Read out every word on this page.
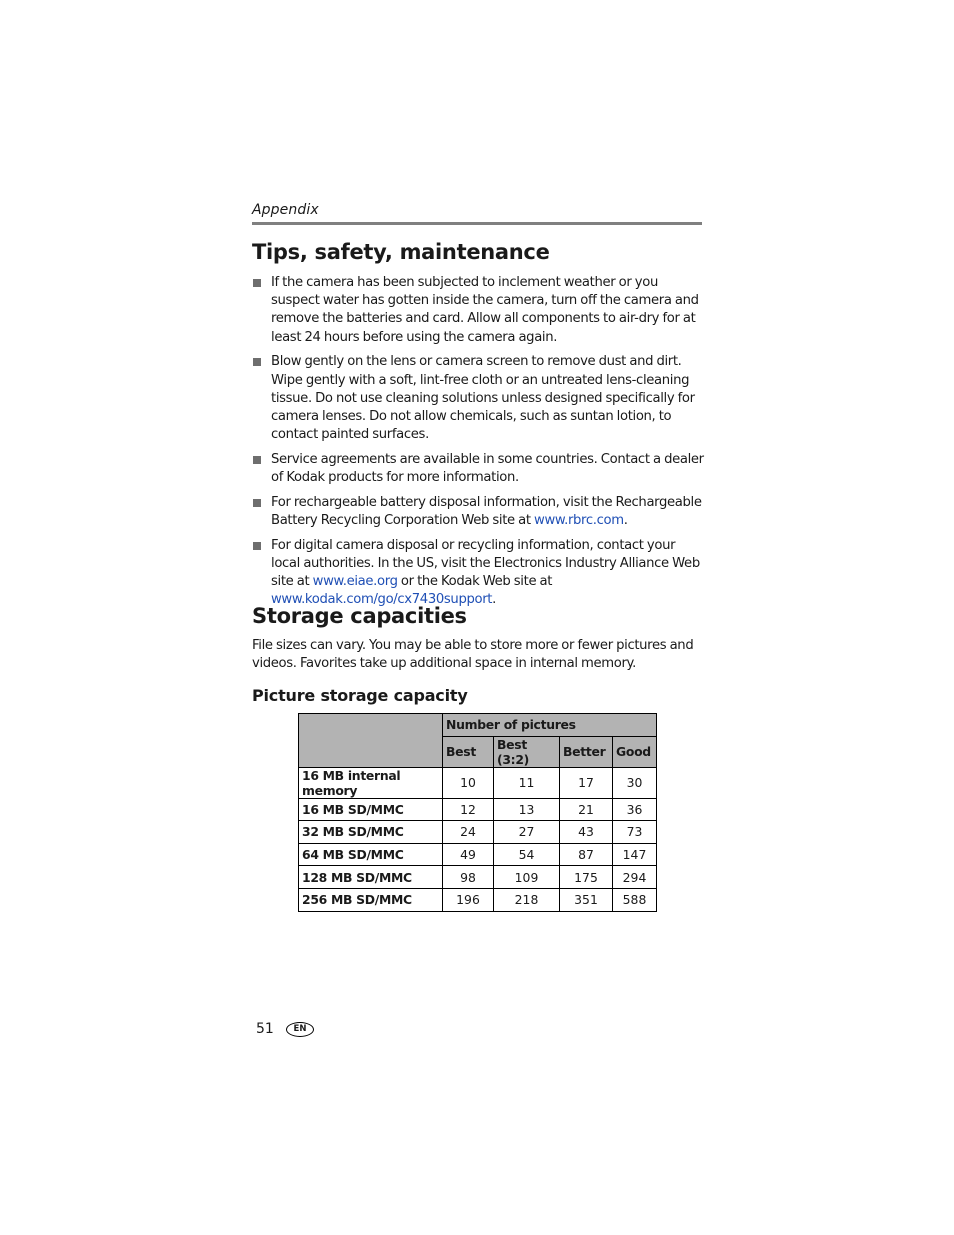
Appendix
Tips, safety, maintenance
If the camera has been subjected to inclement weather or you suspect water has gotten inside the camera, turn off the camera and remove the batteries and card. Allow all components to air-dry for at least 24 hours before using the camera again.
Blow gently on the lens or camera screen to remove dust and dirt. Wipe gently with a soft, lint-free cloth or an untreated lens-cleaning tissue. Do not use cleaning solutions unless designed specifically for camera lenses. Do not allow chemicals, such as suntan lotion, to contact painted surfaces.
Service agreements are available in some countries. Contact a dealer of Kodak products for more information.
For rechargeable battery disposal information, visit the Rechargeable Battery Recycling Corporation Web site at www.rbrc.com.
For digital camera disposal or recycling information, contact your local authorities. In the US, visit the Electronics Industry Alliance Web site at www.eiae.org or the Kodak Web site at www.kodak.com/go/cx7430support.
Storage capacities

File sizes can vary. You may be able to store more or fewer pictures and videos. Favorites take up additional space in internal memory.

Picture storage capacity
	Number of pictures			
	Best	Best (3:2)	Better	Good
16 MB internal memory	10	11	17	30
16 MB SD/MMC	12	13	21	36
32 MB SD/MMC	24	27	43	73
64 MB SD/MMC	49	54	87	147
128 MB SD/MMC	98	109	175	294
256 MB SD/MMC	196	218	351	588
51	EN
